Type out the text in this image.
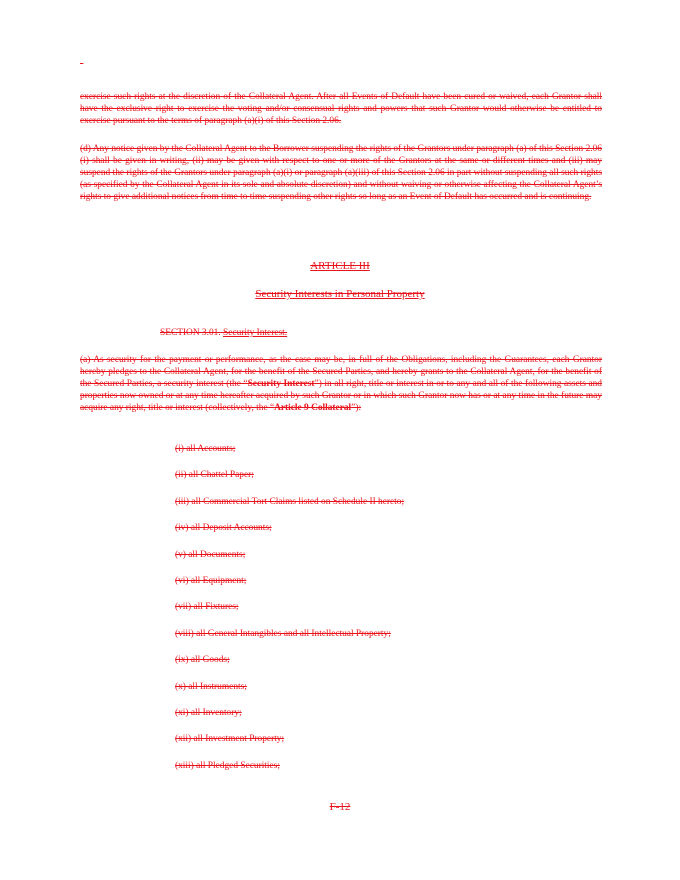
-

exercise such rights at the discretion of the Collateral Agent. After all Events of Default have been cured or waived, each Grantor shall have the exclusive right to exercise the voting and/or consensual rights and powers that such Grantor would otherwise be entitled to exercise pursuant to the terms of paragraph (a)(i) of this Section 2.06.

(d) Any notice given by the Collateral Agent to the Borrower suspending the rights of the Grantors under paragraph (a) of this Section 2.06 (i) shall be given in writing, (ii) may be given with respect to one or more of the Grantors at the same or different times and (iii) may suspend the rights of the Grantors under paragraph (a)(i) or paragraph (a)(iii) of this Section 2.06 in part without suspending all such rights (as specified by the Collateral Agent in its sole and absolute discretion) and without waiving or otherwise affecting the Collateral Agent’s rights to give additional notices from time to time suspending other rights so long as an Event of Default has occurred and is continuing.

ARTICLE III

Security Interests in Personal Property

SECTION 3.01. Security Interest.

(a) As security for the payment or performance, as the case may be, in full of the Obligations, including the Guarantees, each Grantor hereby pledges to the Collateral Agent, for the benefit of the Secured Parties, and hereby grants to the Collateral Agent, for the benefit of the Secured Parties, a security interest (the “Security Interest”) in all right, title or interest in or to any and all of the following assets and properties now owned or at any time hereafter acquired by such Grantor or in which such Grantor now has or at any time in the future may acquire any right, title or interest (collectively, the “Article 9 Collateral”):

(i) all Accounts;
(ii) all Chattel Paper;
(iii) all Commercial Tort Claims listed on Schedule II hereto;
(iv) all Deposit Accounts;
(v) all Documents;
(vi) all Equipment;
(vii) all Fixtures;
(viii) all General Intangibles and all Intellectual Property;
(ix) all Goods;
(x) all Instruments;
(xi) all Inventory;
(xii) all Investment Property;
(xiii) all Pledged Securities;

F-12
